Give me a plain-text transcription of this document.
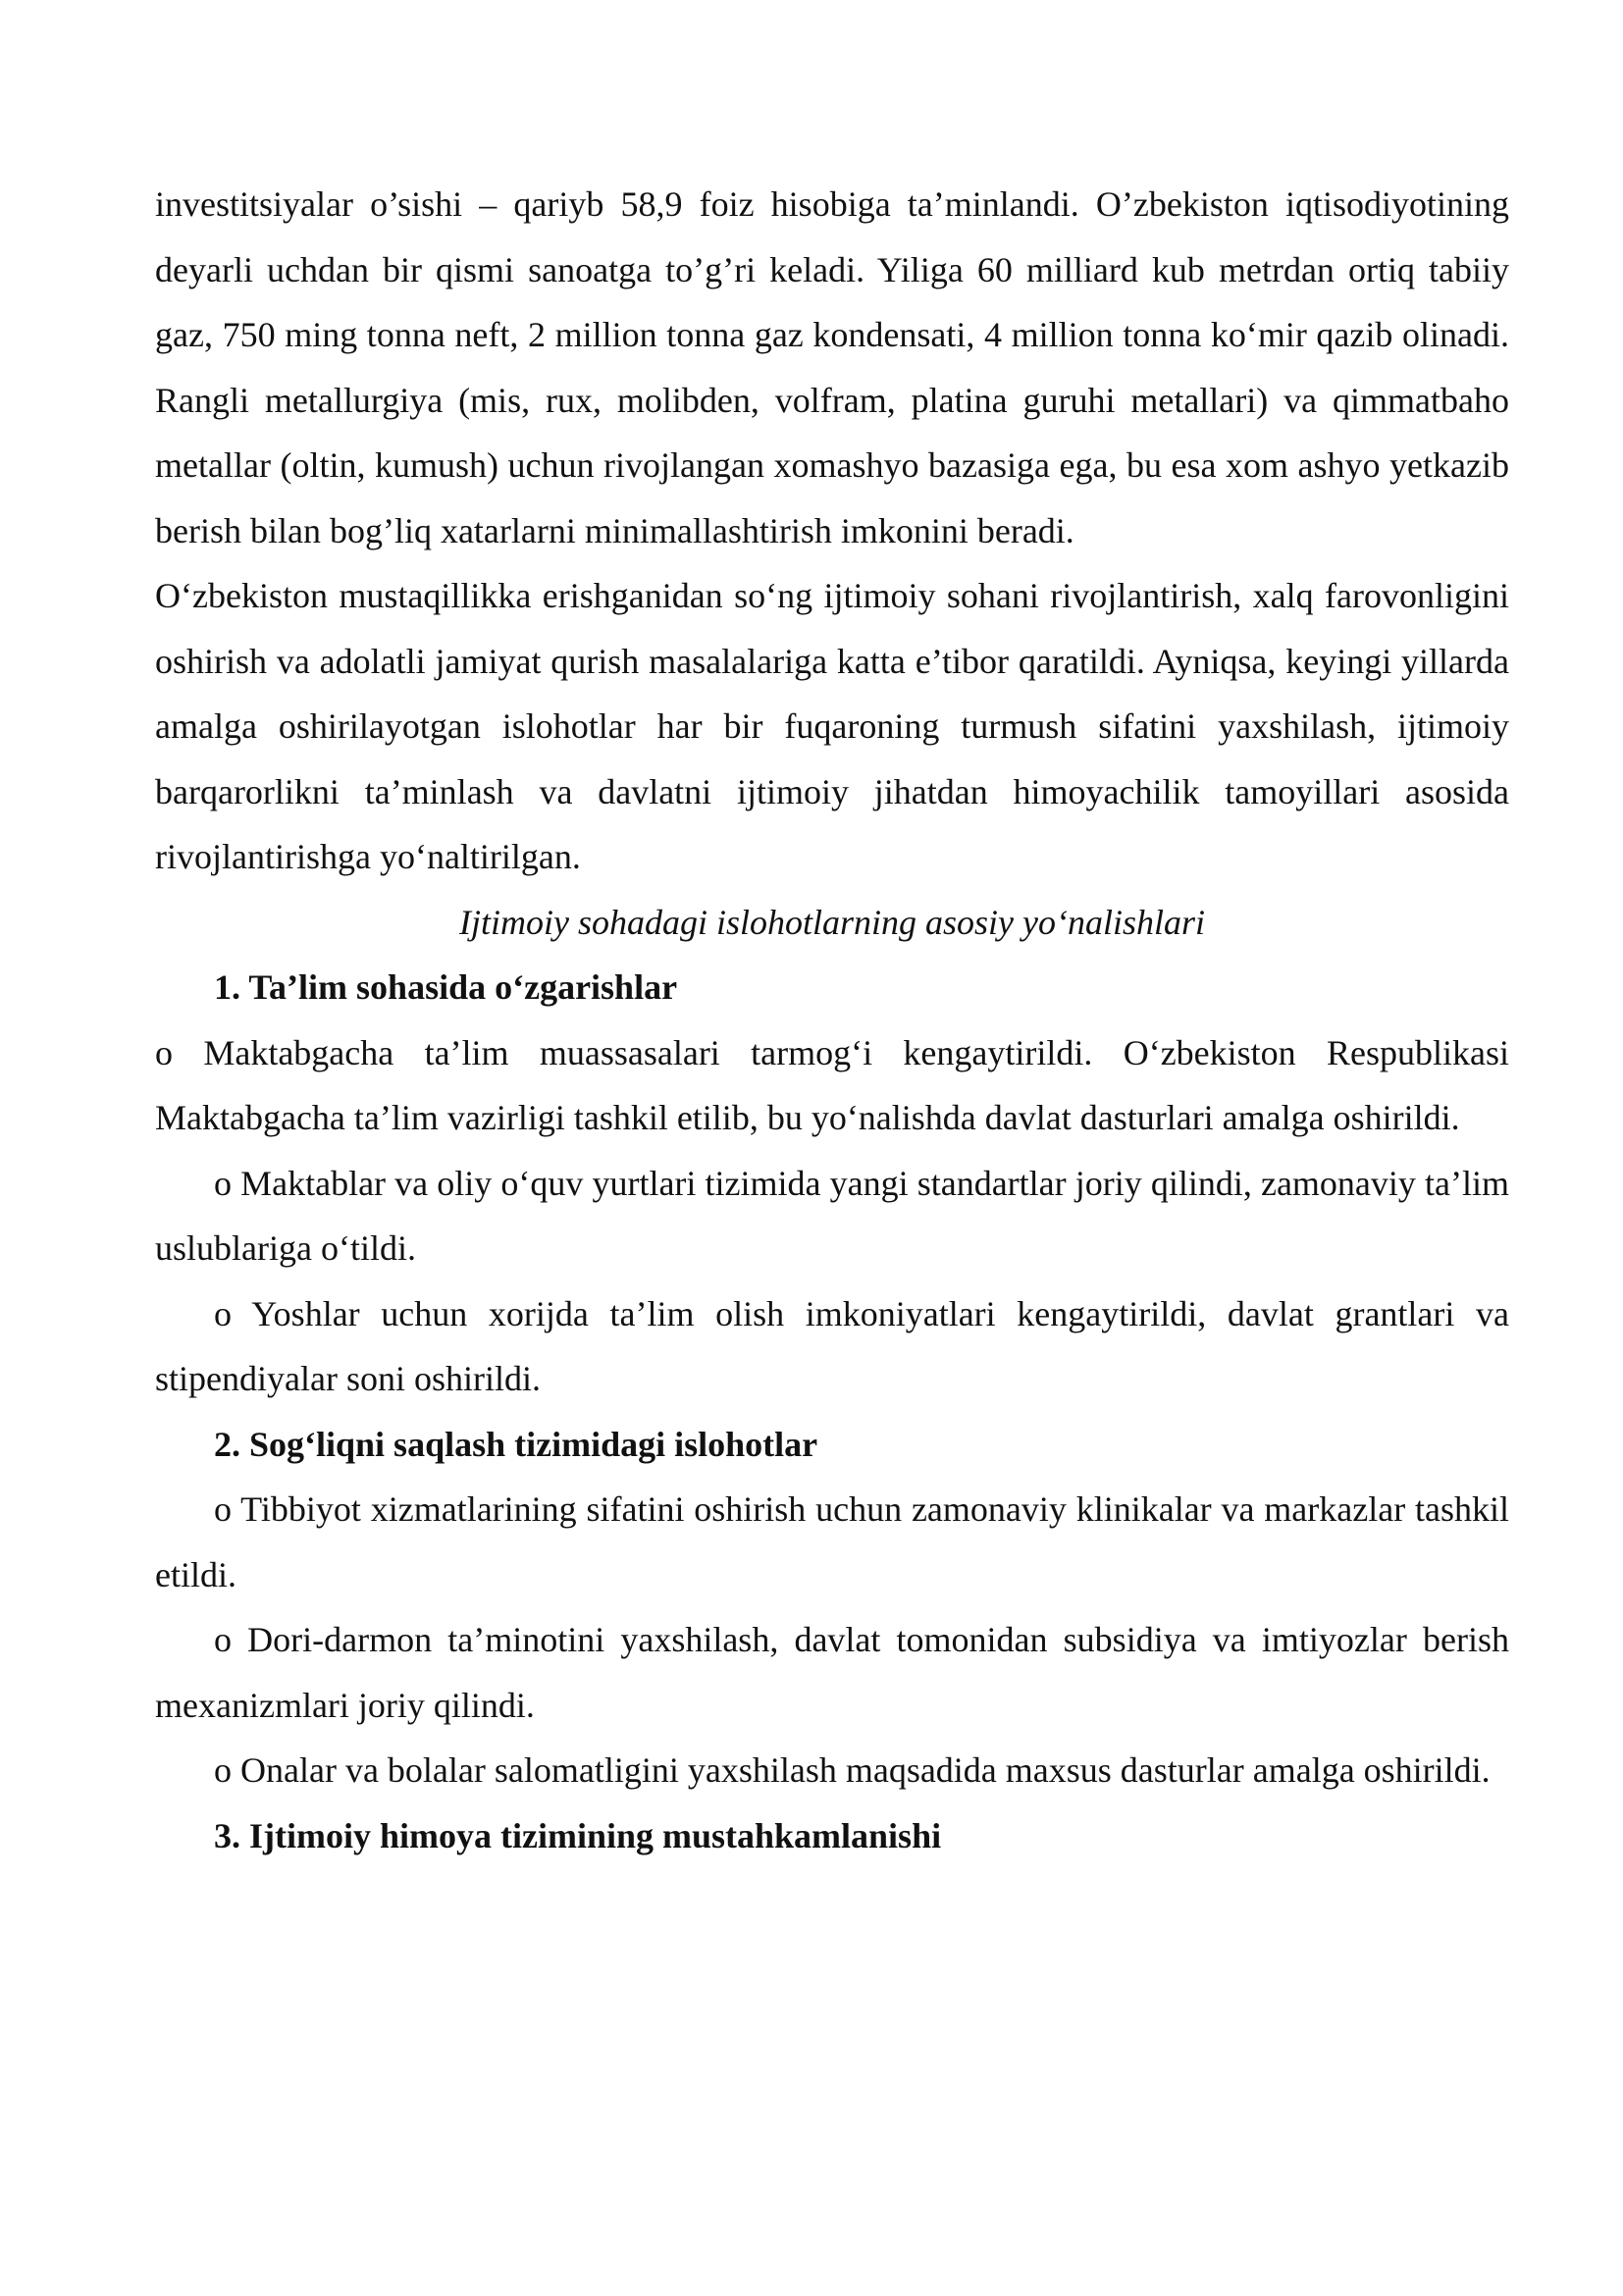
investitsiyalar o’sishi – qariyb 58,9 foiz hisobiga ta’minlandi. O’zbekiston iqtisodiyotining deyarli uchdan bir qismi sanoatga to’g’ri keladi. Yiliga 60 milliard kub metrdan ortiq tabiiy gaz, 750 ming tonna neft, 2 million tonna gaz kondensati, 4 million tonna ko‘mir qazib olinadi. Rangli metallurgiya (mis, rux, molibden, volfram, platina guruhi metallari) va qimmatbaho metallar (oltin, kumush) uchun rivojlangan xomashyo bazasiga ega, bu esa xom ashyo yetkazib berish bilan bog’liq xatarlarni minimallashtirish imkonini beradi.

O‘zbekiston mustaqillikka erishganidan so‘ng ijtimoiy sohani rivojlantirish, xalq farovonligini oshirish va adolatli jamiyat qurish masalalariga katta e’tibor qaratildi. Ayniqsa, keyingi yillarda amalga oshirilayotgan islohotlar har bir fuqaroning turmush sifatini yaxshilash, ijtimoiy barqarorlikni ta’minlash va davlatni ijtimoiy jihatdan himoyachilik tamoyillari asosida rivojlantirishga yo‘naltirilgan.

Ijtimoiy sohadagi islohotlarning asosiy yo‘nalishlari

1. Ta’lim sohasida o‘zgarishlar

o Maktabgacha ta’lim muassasalari tarmog‘i kengaytirildi. O‘zbekiston Respublikasi Maktabgacha ta’lim vazirligi tashkil etilib, bu yo‘nalishda davlat dasturlari amalga oshirildi.

o Maktablar va oliy o‘quv yurtlari tizimida yangi standartlar joriy qilindi, zamonaviy ta’lim uslublariga o‘tildi.

o Yoshlar uchun xorijda ta’lim olish imkoniyatlari kengaytirildi, davlat grantlari va stipendiyalar soni oshirildi.

2. Sog‘liqni saqlash tizimidagi islohotlar

o Tibbiyot xizmatlarining sifatini oshirish uchun zamonaviy klinikalar va markazlar tashkil etildi.

o Dori-darmon ta’minotini yaxshilash, davlat tomonidan subsidiya va imtiyozlar berish mexanizmlari joriy qilindi.

o Onalar va bolalar salomatligini yaxshilash maqsadida maxsus dasturlar amalga oshirildi.

3. Ijtimoiy himoya tizimining mustahkamlanishi
